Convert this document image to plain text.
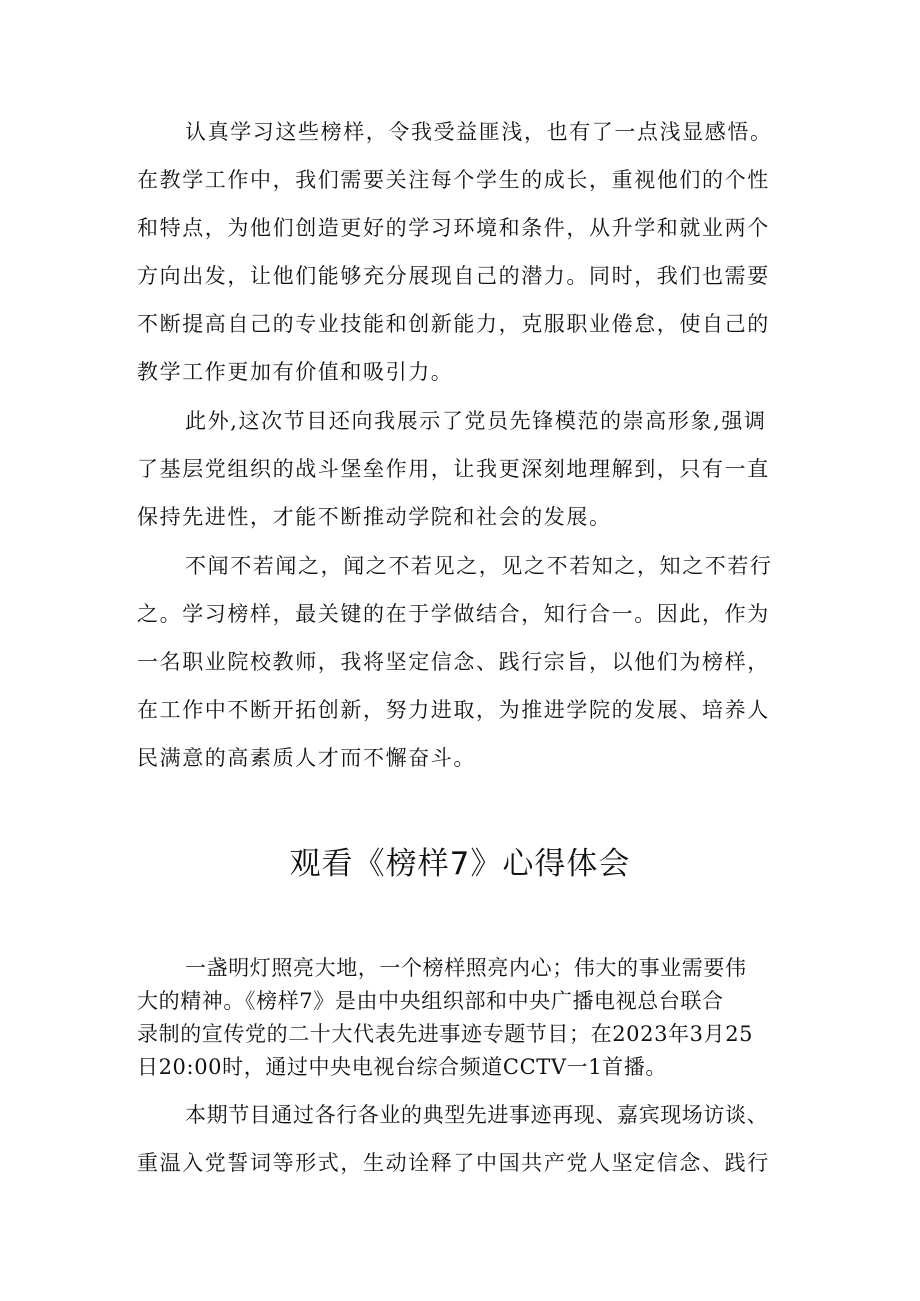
认真学习这些榜样，令我受益匪浅，也有了一点浅显感悟。
在教学工作中，我们需要关注每个学生的成长，重视他们的个性
和特点，为他们创造更好的学习环境和条件，从升学和就业两个
方向出发，让他们能够充分展现自己的潜力。同时，我们也需要
不断提高自己的专业技能和创新能力，克服职业倦怠，使自己的
教学工作更加有价值和吸引力。
此外,这次节目还向我展示了党员先锋模范的崇高形象,强调
了基层党组织的战斗堡垒作用，让我更深刻地理解到，只有一直
保持先进性，才能不断推动学院和社会的发展。
不闻不若闻之，闻之不若见之，见之不若知之，知之不若行
之。学习榜样，最关键的在于学做结合，知行合一。因此，作为
一名职业院校教师，我将坚定信念、践行宗旨，以他们为榜样，
在工作中不断开拓创新，努力进取，为推进学院的发展、培养人
民满意的高素质人才而不懈奋斗。
观看《榜样7》心得体会
一盏明灯照亮大地，一个榜样照亮内心；伟大的事业需要伟
大的精神。《榜样7》是由中央组织部和中央广播电视总台联合
录制的宣传党的二十大代表先进事迹专题节目；在2023年3月25
日20:00时，通过中央电视台综合频道CCTV一1首播。
本期节目通过各行各业的典型先进事迹再现、嘉宾现场访谈、
重温入党誓词等形式，生动诠释了中国共产党人坚定信念、践行
